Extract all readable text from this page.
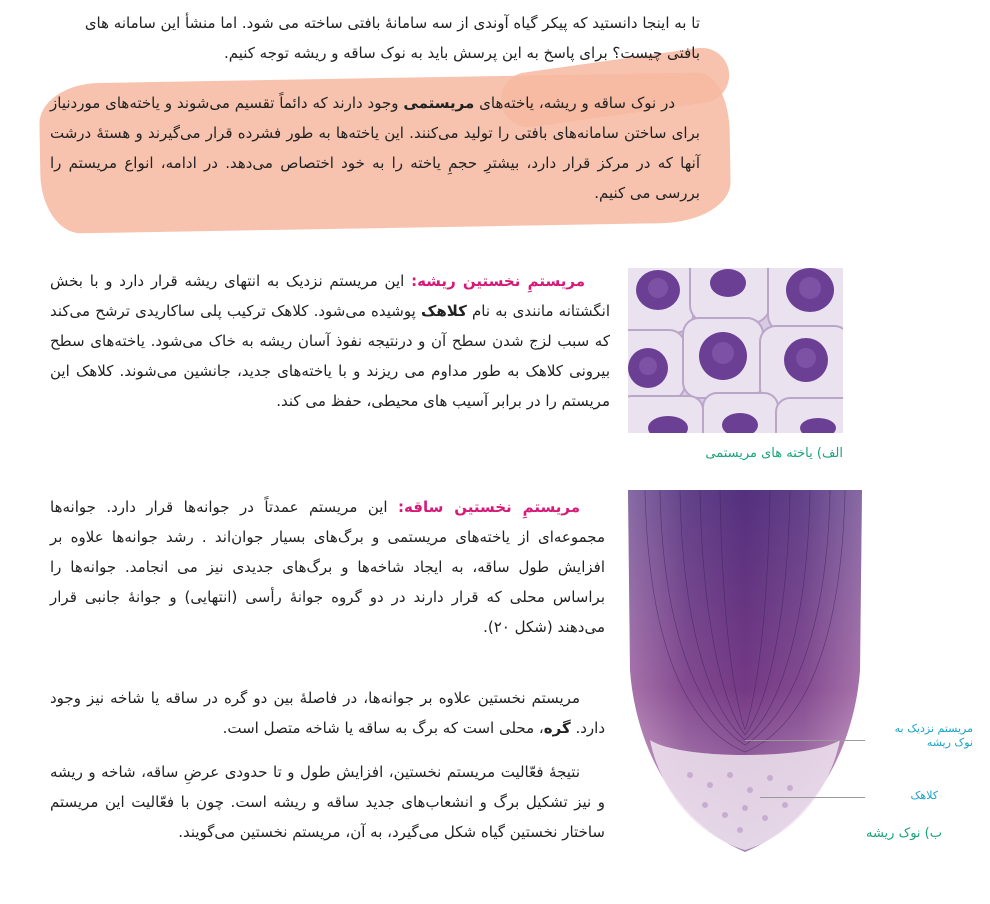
تا به اینجا دانستید که پیکر گیاه آوندی از سه سامانهٔ بافتی ساخته می شود. اما منشأ این سامانه های
بافتی چیست؟ برای پاسخ به این پرسش باید به نوک ساقه و ریشه توجه کنیم.
در نوک ساقه و ریشه، یاخته‌های مریستمی وجود دارند که دائماً تقسیم می‌شوند و یاخته‌های مورد‌نیاز برای ساختن سامانه‌های بافتی را تولید می‌کنند. این یاخته‌ها به طور فشرده قرار می‌گیرند و هستهٔ درشت آنها که در مرکز قرار دارد، بیشترِ حجمِ یاخته را به خود اختصاص می‌دهد. در ادامه، انواع مریستم را بررسی می کنیم.
مریستمِ نخستین ریشه: این مریستم نزدیک به انتهای ریشه قرار دارد و با بخش انگشتانه مانندی به نام کلاهک پوشیده می‌شود. کلاهک ترکیب پلی ساکاریدی ترشح می‌کند که سبب لزج شدن سطح آن و درنتیجه نفوذ آسان ریشه به خاک می‌شود. یاخته‌های سطح بیرونی کلاهک به طور مداوم می ریزند و با یاخته‌های جدید، جانشین می‌شوند. کلاهک این مریستم را در برابر آسیب های محیطی، حفظ می کند.
الف) یاخته های مریستمی
مریستمِ نخستین ساقه: این مریستم عمدتاً در جوانه‌ها قرار دارد. جوانه‌ها مجموعه‌ای از یاخته‌های مریستمی و برگ‌های بسیار جوان‌اند . رشد جوانه‌ها علاوه بر افزایش طول ساقه، به ایجاد شاخه‌ها و برگ‌های جدیدی نیز می انجامد. جوانه‌ها را براساس محلی که قرار دارند در دو گروه جوانهٔ رأسی (انتهایی) و جوانهٔ جانبی قرار می‌دهند (شکل ۲۰).
مریستم نخستین علاوه بر جوانه‌ها، در فاصلهٔ بین دو گره در ساقه یا شاخه نیز وجود دارد. گره، محلی است که برگ به ساقه یا شاخه متصل است.
نتیجهٔ فعّالیت مریستم نخستین، افزایش طول و تا حدودی عرضِ ساقه، شاخه و ریشه و نیز تشکیل برگ و انشعاب‌های جدید ساقه و ریشه است. چون با فعّالیت این مریستم ساختار نخستین گیاه شکل می‌گیرد، به آن، مریستم نخستین می‌گویند.
مریستم نزدیک به نوک ریشه
کلاهک
ب) نوک ریشه
